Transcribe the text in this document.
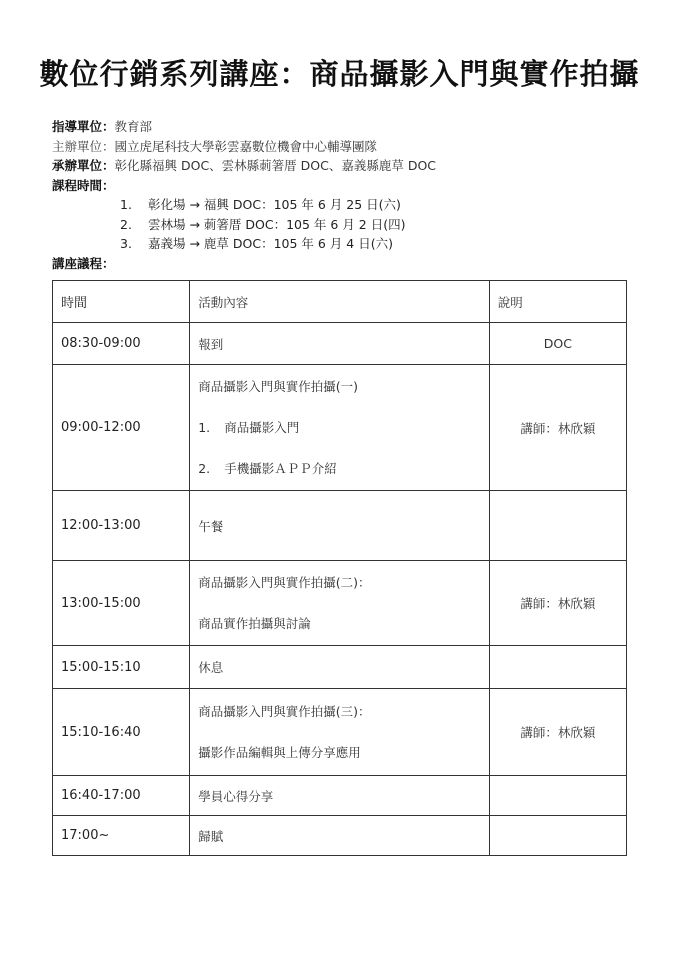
數位行銷系列講座：商品攝影入門與實作拍攝
指導單位：教育部
主辦單位：國立虎尾科技大學彰雲嘉數位機會中心輔導團隊
承辦單位：彰化縣福興 DOC、雲林縣莿箸厝 DOC、嘉義縣鹿草 DOC
課程時間：
1. 彰化場 → 福興 DOC：105 年 6 月 25 日(六)
2. 雲林場 → 莿箸厝 DOC：105 年 6 月 2 日(四)
3. 嘉義場 → 鹿草 DOC：105 年 6 月 4 日(六)
講座議程：
時間	活動內容	說明
08:30-09:00	報到	DOC
09:00-12:00	商品攝影入門與實作拍攝(一)
1. 商品攝影入門
2. 手機攝影ＡＰＰ介紹	講師：林欣穎
12:00-13:00	午餐	
13:00-15:00	商品攝影入門與實作拍攝(二)：
商品實作拍攝與討論	講師：林欣穎
15:00-15:10	休息	
15:10-16:40	商品攝影入門與實作拍攝(三)：
攝影作品編輯與上傳分享應用	講師：林欣穎
16:40-17:00	學員心得分享	
17:00~	歸賦	
